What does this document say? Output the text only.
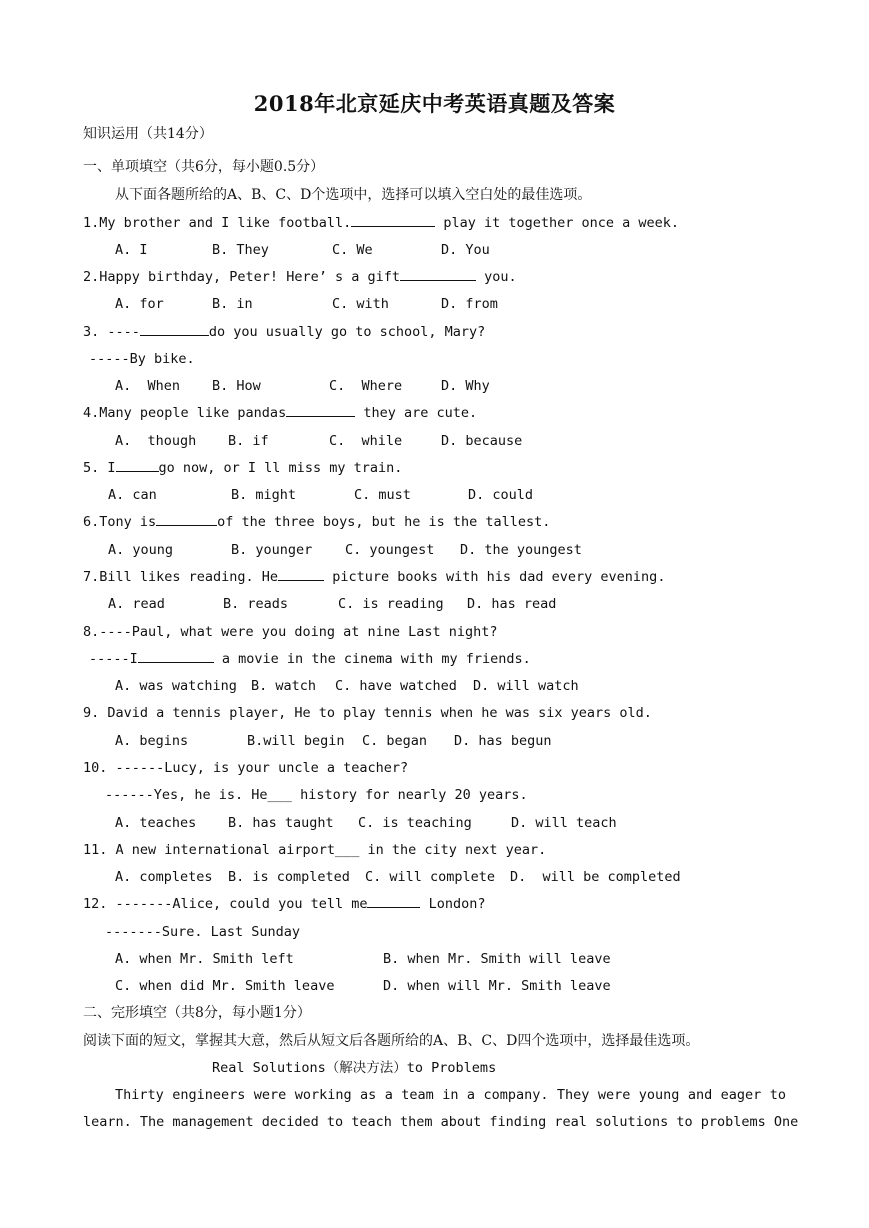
2018年北京延庆中考英语真题及答案
知识运用（共14分）
一、单项填空（共6分，每小题0.5分）
从下面各题所给的A、B、C、D个选项中，选择可以填入空白处的最佳选项。
1.My brother and I like football.	play it together once a week.
A. I	B. They	C. We	D. You
2.Happy birthday, Peter! Here’ s a gift	you.
A. for	B. in	C. with	D. from
3. ----	do you usually go to school, Mary?
-----By bike.
A.  When B. How	C.  Where	D. Why
4.Many people like pandas	they are cute.
A.  though B. if	C.  while	D. because
5. I	go now, or I ll miss my train.
A. can	B. might	C. must	D. could
6.Tony is	of the three boys, but he is the tallest.
A. young	B. younger C. youngest D. the youngest
7.Bill likes reading. He	picture books with his dad every evening.
A. read	B. reads	C. is reading D. has read
8.----Paul, what were you doing at nine Last night?
-----I	a movie in the cinema with my friends.
A. was watching B. watch C. have watched D. will watch
9. David a tennis player, He to play tennis when he was six years old.
A. begins	B.will begin C. began D. has begun
10. ------Lucy, is your uncle a teacher?
------Yes, he is. He___ history for nearly 20 years.
A. teaches B. has taught C. is teaching	D. will teach
11. A new international airport___ in the city next year.
A. completes B. is completed C. will complete D.  will be completed
12. -------Alice, could you tell me	London?
-------Sure. Last Sunday
A. when Mr. Smith left	B. when Mr. Smith will leave
C. when did Mr. Smith leave	D. when will Mr. Smith leave
二、完形填空（共8分，每小题1分）
阅读下面的短文，掌握其大意，然后从短文后各题所给的A、B、C、D四个选项中，选择最佳选项。
Real Solutions（解决方法）to Problems
Thirty engineers were working as a team in a company. They were young and eager to
learn. The management decided to teach them about finding real solutions to problems One
